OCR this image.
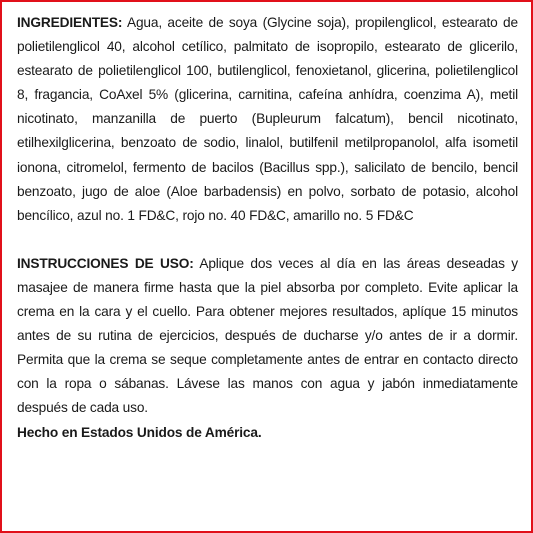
INGREDIENTES: Agua, aceite de soya (Glycine soja), propilenglicol, estearato de polietilenglicol 40, alcohol cetílico, palmitato de isopropilo, estearato de glicerilo, estearato de polietilenglicol 100, butilenglicol, fenoxietanol, glicerina, polietilenglicol 8, fragancia, CoAxel 5% (glicerina, carnitina, cafeína anhídra, coenzima A), metil nicotinato, manzanilla de puerto (Bupleurum falcatum), bencil nicotinato, etilhexilglicerina, benzoato de sodio, linalol, butilfenil metilpropanolol, alfa isometil ionona, citromelol, fermento de bacilos (Bacillus spp.), salicilato de bencilo, bencil benzoato, jugo de aloe (Aloe barbadensis) en polvo, sorbato de potasio, alcohol bencílico, azul no. 1 FD&C, rojo no. 40 FD&C, amarillo no. 5 FD&C

INSTRUCCIONES DE USO: Aplique dos veces al día en las áreas deseadas y masajee de manera firme hasta que la piel absorba por completo. Evite aplicar la crema en la cara y el cuello. Para obtener mejores resultados, aplíque 15 minutos antes de su rutina de ejercicios, después de ducharse y/o antes de ir a dormir. Permita que la crema se seque completamente antes de entrar en contacto directo con la ropa o sábanas. Lávese las manos con agua y jabón inmediatamente después de cada uso.

Hecho en Estados Unidos de América.
